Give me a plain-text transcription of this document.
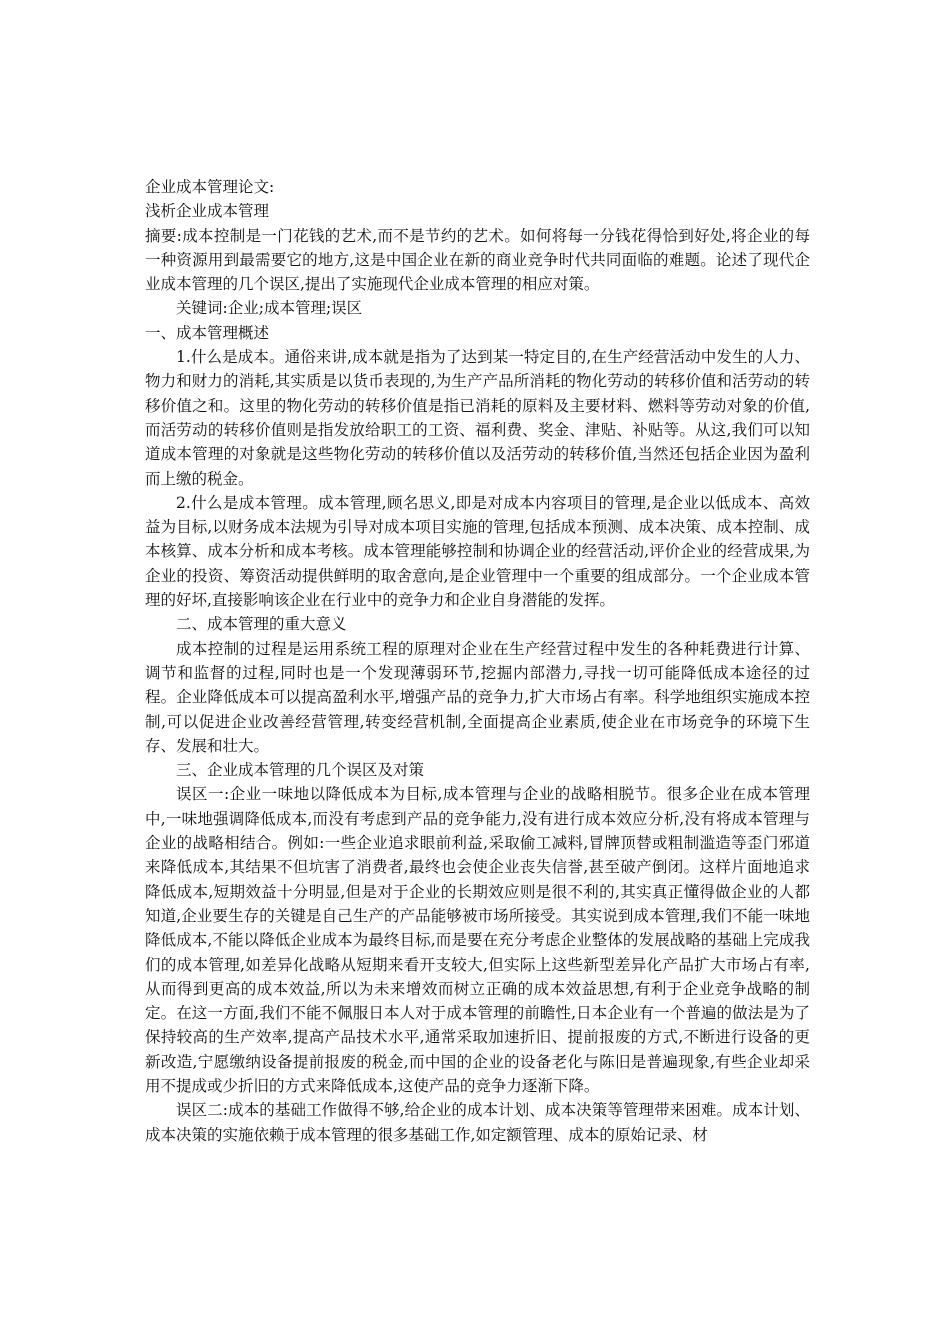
企业成本管理论文:

浅析企业成本管理

摘要:成本控制是一门花钱的艺术,而不是节约的艺术。如何将每一分钱花得恰到好处,将企业的每一种资源用到最需要它的地方,这是中国企业在新的商业竞争时代共同面临的难题。论述了现代企业成本管理的几个误区,提出了实施现代企业成本管理的相应对策。

关键词:企业;成本管理;误区

一、成本管理概述

1.什么是成本。通俗来讲,成本就是指为了达到某一特定目的,在生产经营活动中发生的人力、物力和财力的消耗,其实质是以货币表现的,为生产产品所消耗的物化劳动的转移价值和活劳动的转移价值之和。这里的物化劳动的转移价值是指已消耗的原料及主要材料、燃料等劳动对象的价值,而活劳动的转移价值则是指发放给职工的工资、福利费、奖金、津贴、补贴等。从这,我们可以知道成本管理的对象就是这些物化劳动的转移价值以及活劳动的转移价值,当然还包括企业因为盈利而上缴的税金。

2.什么是成本管理。成本管理,顾名思义,即是对成本内容项目的管理,是企业以低成本、高效益为目标,以财务成本法规为引导对成本项目实施的管理,包括成本预测、成本决策、成本控制、成本核算、成本分析和成本考核。成本管理能够控制和协调企业的经营活动,评价企业的经营成果,为企业的投资、筹资活动提供鲜明的取舍意向,是企业管理中一个重要的组成部分。一个企业成本管理的好坏,直接影响该企业在行业中的竞争力和企业自身潜能的发挥。

二、成本管理的重大意义

成本控制的过程是运用系统工程的原理对企业在生产经营过程中发生的各种耗费进行计算、调节和监督的过程,同时也是一个发现薄弱环节,挖掘内部潜力,寻找一切可能降低成本途径的过程。企业降低成本可以提高盈利水平,增强产品的竞争力,扩大市场占有率。科学地组织实施成本控制,可以促进企业改善经营管理,转变经营机制,全面提高企业素质,使企业在市场竞争的环境下生存、发展和壮大。

三、企业成本管理的几个误区及对策

误区一:企业一味地以降低成本为目标,成本管理与企业的战略相脱节。很多企业在成本管理中,一味地强调降低成本,而没有考虑到产品的竞争能力,没有进行成本效应分析,没有将成本管理与企业的战略相结合。例如:一些企业追求眼前利益,采取偷工减料,冒牌顶替或粗制滥造等歪门邪道来降低成本,其结果不但坑害了消费者,最终也会使企业丧失信誉,甚至破产倒闭。这样片面地追求降低成本,短期效益十分明显,但是对于企业的长期效应则是很不利的,其实真正懂得做企业的人都知道,企业要生存的关键是自己生产的产品能够被市场所接受。其实说到成本管理,我们不能一味地降低成本,不能以降低企业成本为最终目标,而是要在充分考虑企业整体的发展战略的基础上完成我们的成本管理,如差异化战略从短期来看开支较大,但实际上这些新型差异化产品扩大市场占有率,从而得到更高的成本效益,所以为未来增效而树立正确的成本效益思想,有利于企业竞争战略的制定。在这一方面,我们不能不佩服日本人对于成本管理的前瞻性,日本企业有一个普遍的做法是为了保持较高的生产效率,提高产品技术水平,通常采取加速折旧、提前报废的方式,不断进行设备的更新改造,宁愿缴纳设备提前报废的税金,而中国的企业的设备老化与陈旧是普遍现象,有些企业却采用不提成或少折旧的方式来降低成本,这使产品的竞争力逐渐下降。

误区二:成本的基础工作做得不够,给企业的成本计划、成本决策等管理带来困难。成本计划、成本决策的实施依赖于成本管理的很多基础工作,如定额管理、成本的原始记录、材
